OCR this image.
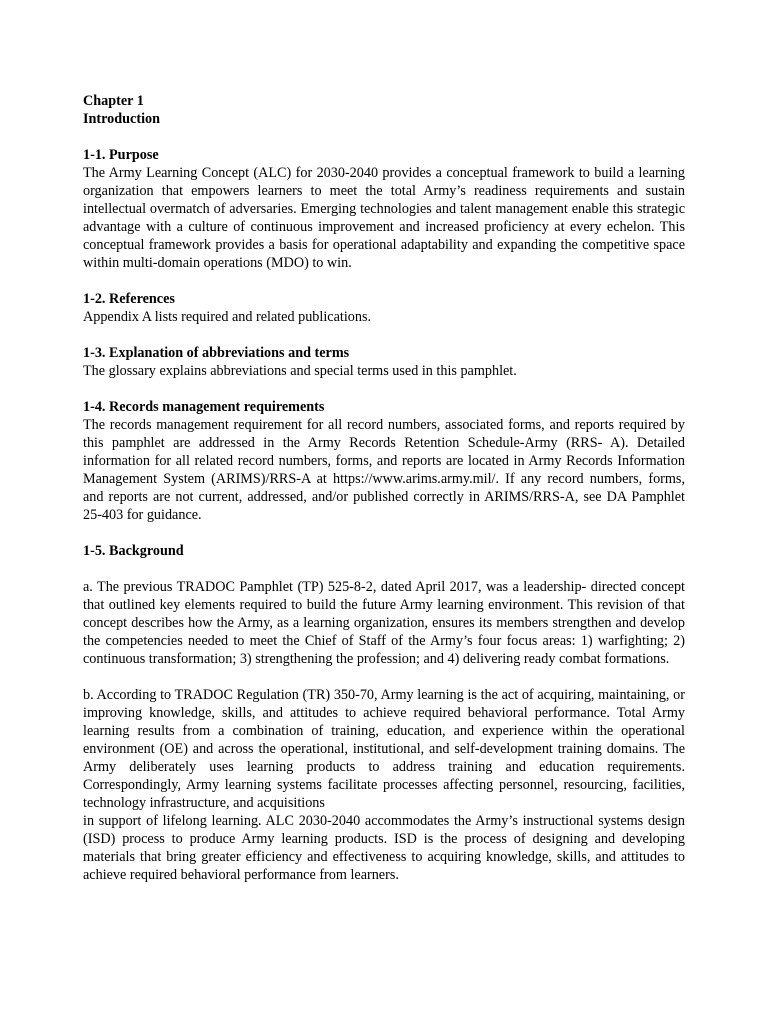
Chapter 1

Introduction

1-1. Purpose

The Army Learning Concept (ALC) for 2030-2040 provides a conceptual framework to build a learning organization that empowers learners to meet the total Army’s readiness requirements and sustain intellectual overmatch of adversaries. Emerging technologies and talent management enable this strategic advantage with a culture of continuous improvement and increased proficiency at every echelon. This conceptual framework provides a basis for operational adaptability and expanding the competitive space within multi-domain operations (MDO) to win.

1-2. References

Appendix A lists required and related publications.

1-3. Explanation of abbreviations and terms

The glossary explains abbreviations and special terms used in this pamphlet.

1-4. Records management requirements

The records management requirement for all record numbers, associated forms, and reports required by this pamphlet are addressed in the Army Records Retention Schedule-Army (RRS- A). Detailed information for all related record numbers, forms, and reports are located in Army Records Information Management System (ARIMS)/RRS-A at https://www.arims.army.mil/. If any record numbers, forms, and reports are not current, addressed, and/or published correctly in ARIMS/RRS-A, see DA Pamphlet 25-403 for guidance.

1-5. Background

a. The previous TRADOC Pamphlet (TP) 525-8-2, dated April 2017, was a leadership- directed concept that outlined key elements required to build the future Army learning environment. This revision of that concept describes how the Army, as a learning organization, ensures its members strengthen and develop the competencies needed to meet the Chief of Staff of the Army’s four focus areas: 1) warfighting; 2) continuous transformation; 3) strengthening the profession; and 4) delivering ready combat formations.

b. According to TRADOC Regulation (TR) 350-70, Army learning is the act of acquiring, maintaining, or improving knowledge, skills, and attitudes to achieve required behavioral performance. Total Army learning results from a combination of training, education, and experience within the operational environment (OE) and across the operational, institutional, and self-development training domains. The Army deliberately uses learning products to address training and education requirements. Correspondingly, Army learning systems facilitate processes affecting personnel, resourcing, facilities, technology infrastructure, and acquisitions
in support of lifelong learning. ALC 2030-2040 accommodates the Army’s instructional systems design (ISD) process to produce Army learning products. ISD is the process of designing and developing materials that bring greater efficiency and effectiveness to acquiring knowledge, skills, and attitudes to achieve required behavioral performance from learners.
